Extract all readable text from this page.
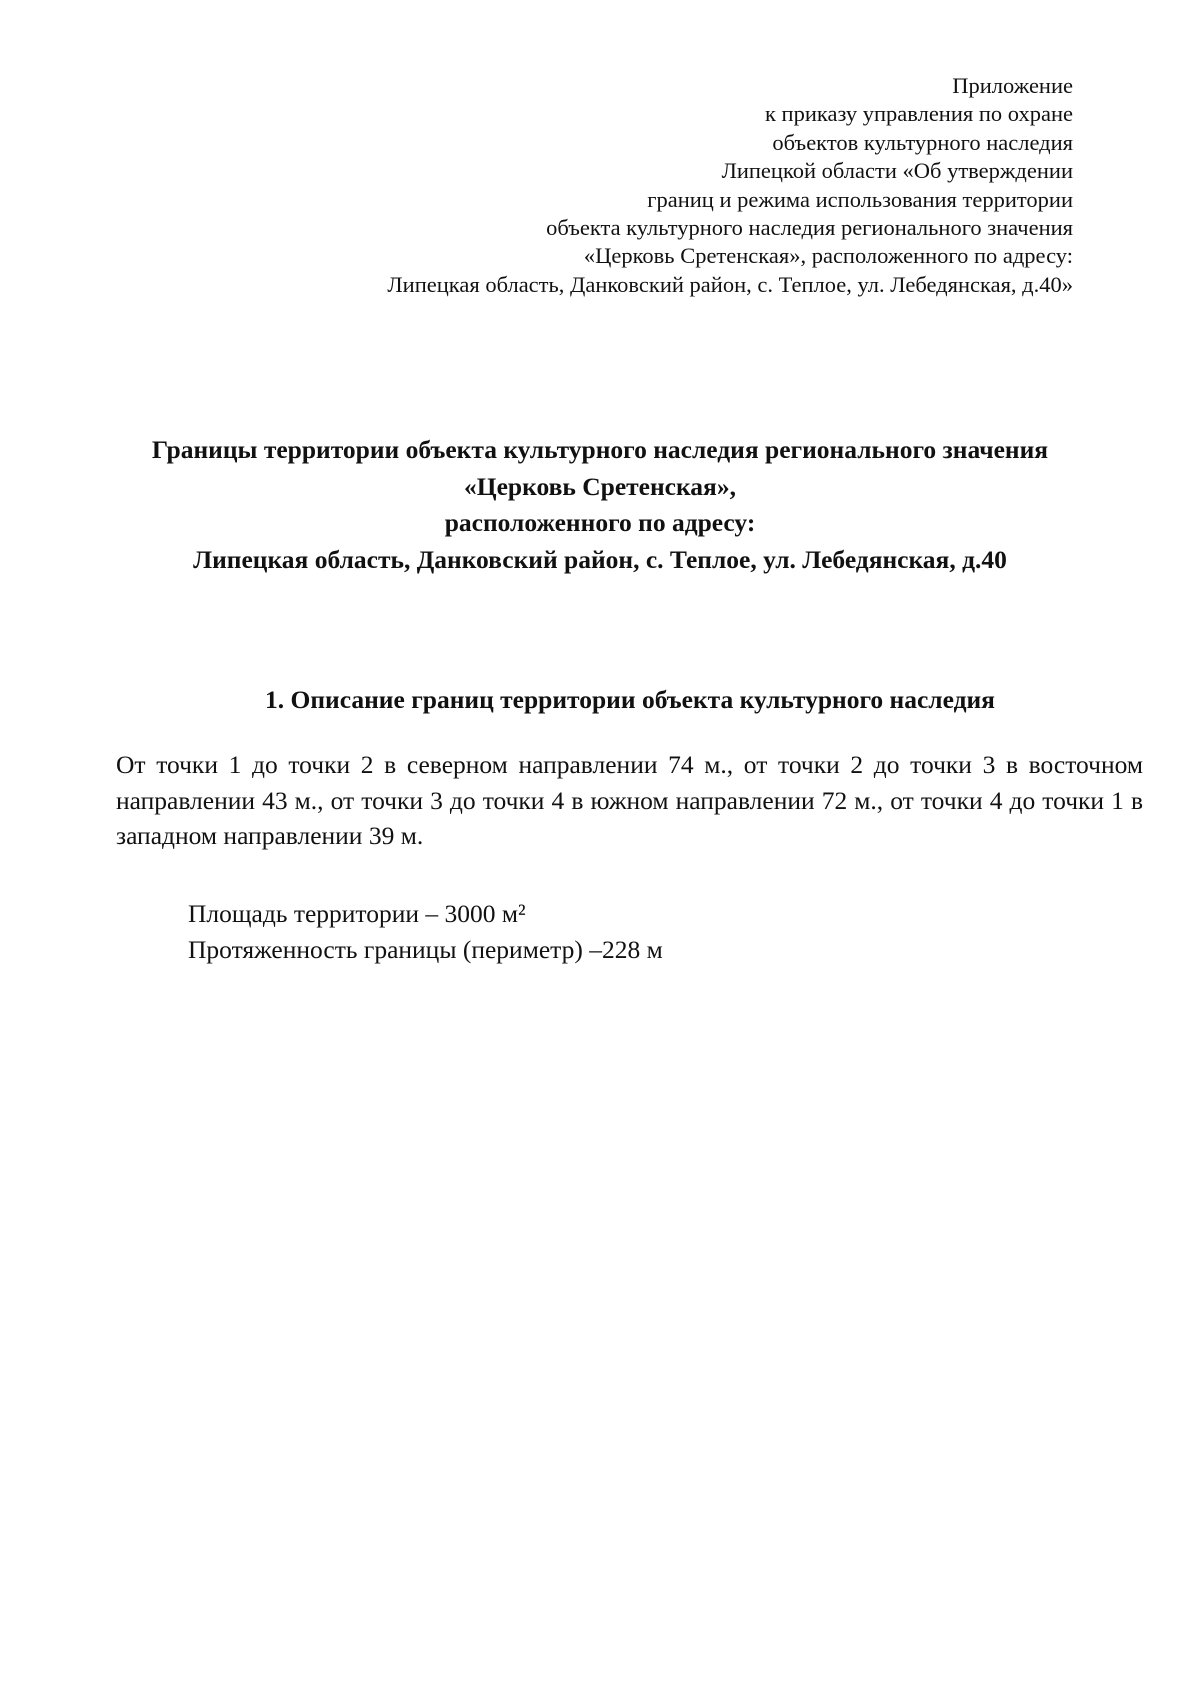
Приложение
к приказу управления по охране
объектов культурного наследия
Липецкой области «Об утверждении
границ и режима использования территории
объекта культурного наследия регионального значения
«Церковь Сретенская», расположенного по адресу:
Липецкая область, Данковский район, с. Теплое, ул. Лебедянская, д.40»
Границы территории объекта культурного наследия регионального значения
«Церковь Сретенская»,
расположенного по адресу:
Липецкая область, Данковский район, с. Теплое, ул. Лебедянская, д.40
1. Описание границ территории объекта культурного наследия
От точки 1 до точки 2 в северном направлении 74 м., от точки 2 до точки 3 в восточном направлении 43 м., от точки 3 до точки 4 в южном направлении 72 м., от точки 4 до точки 1 в западном направлении 39 м.
Площадь территории – 3000 м²
Протяженность границы (периметр) –228 м
